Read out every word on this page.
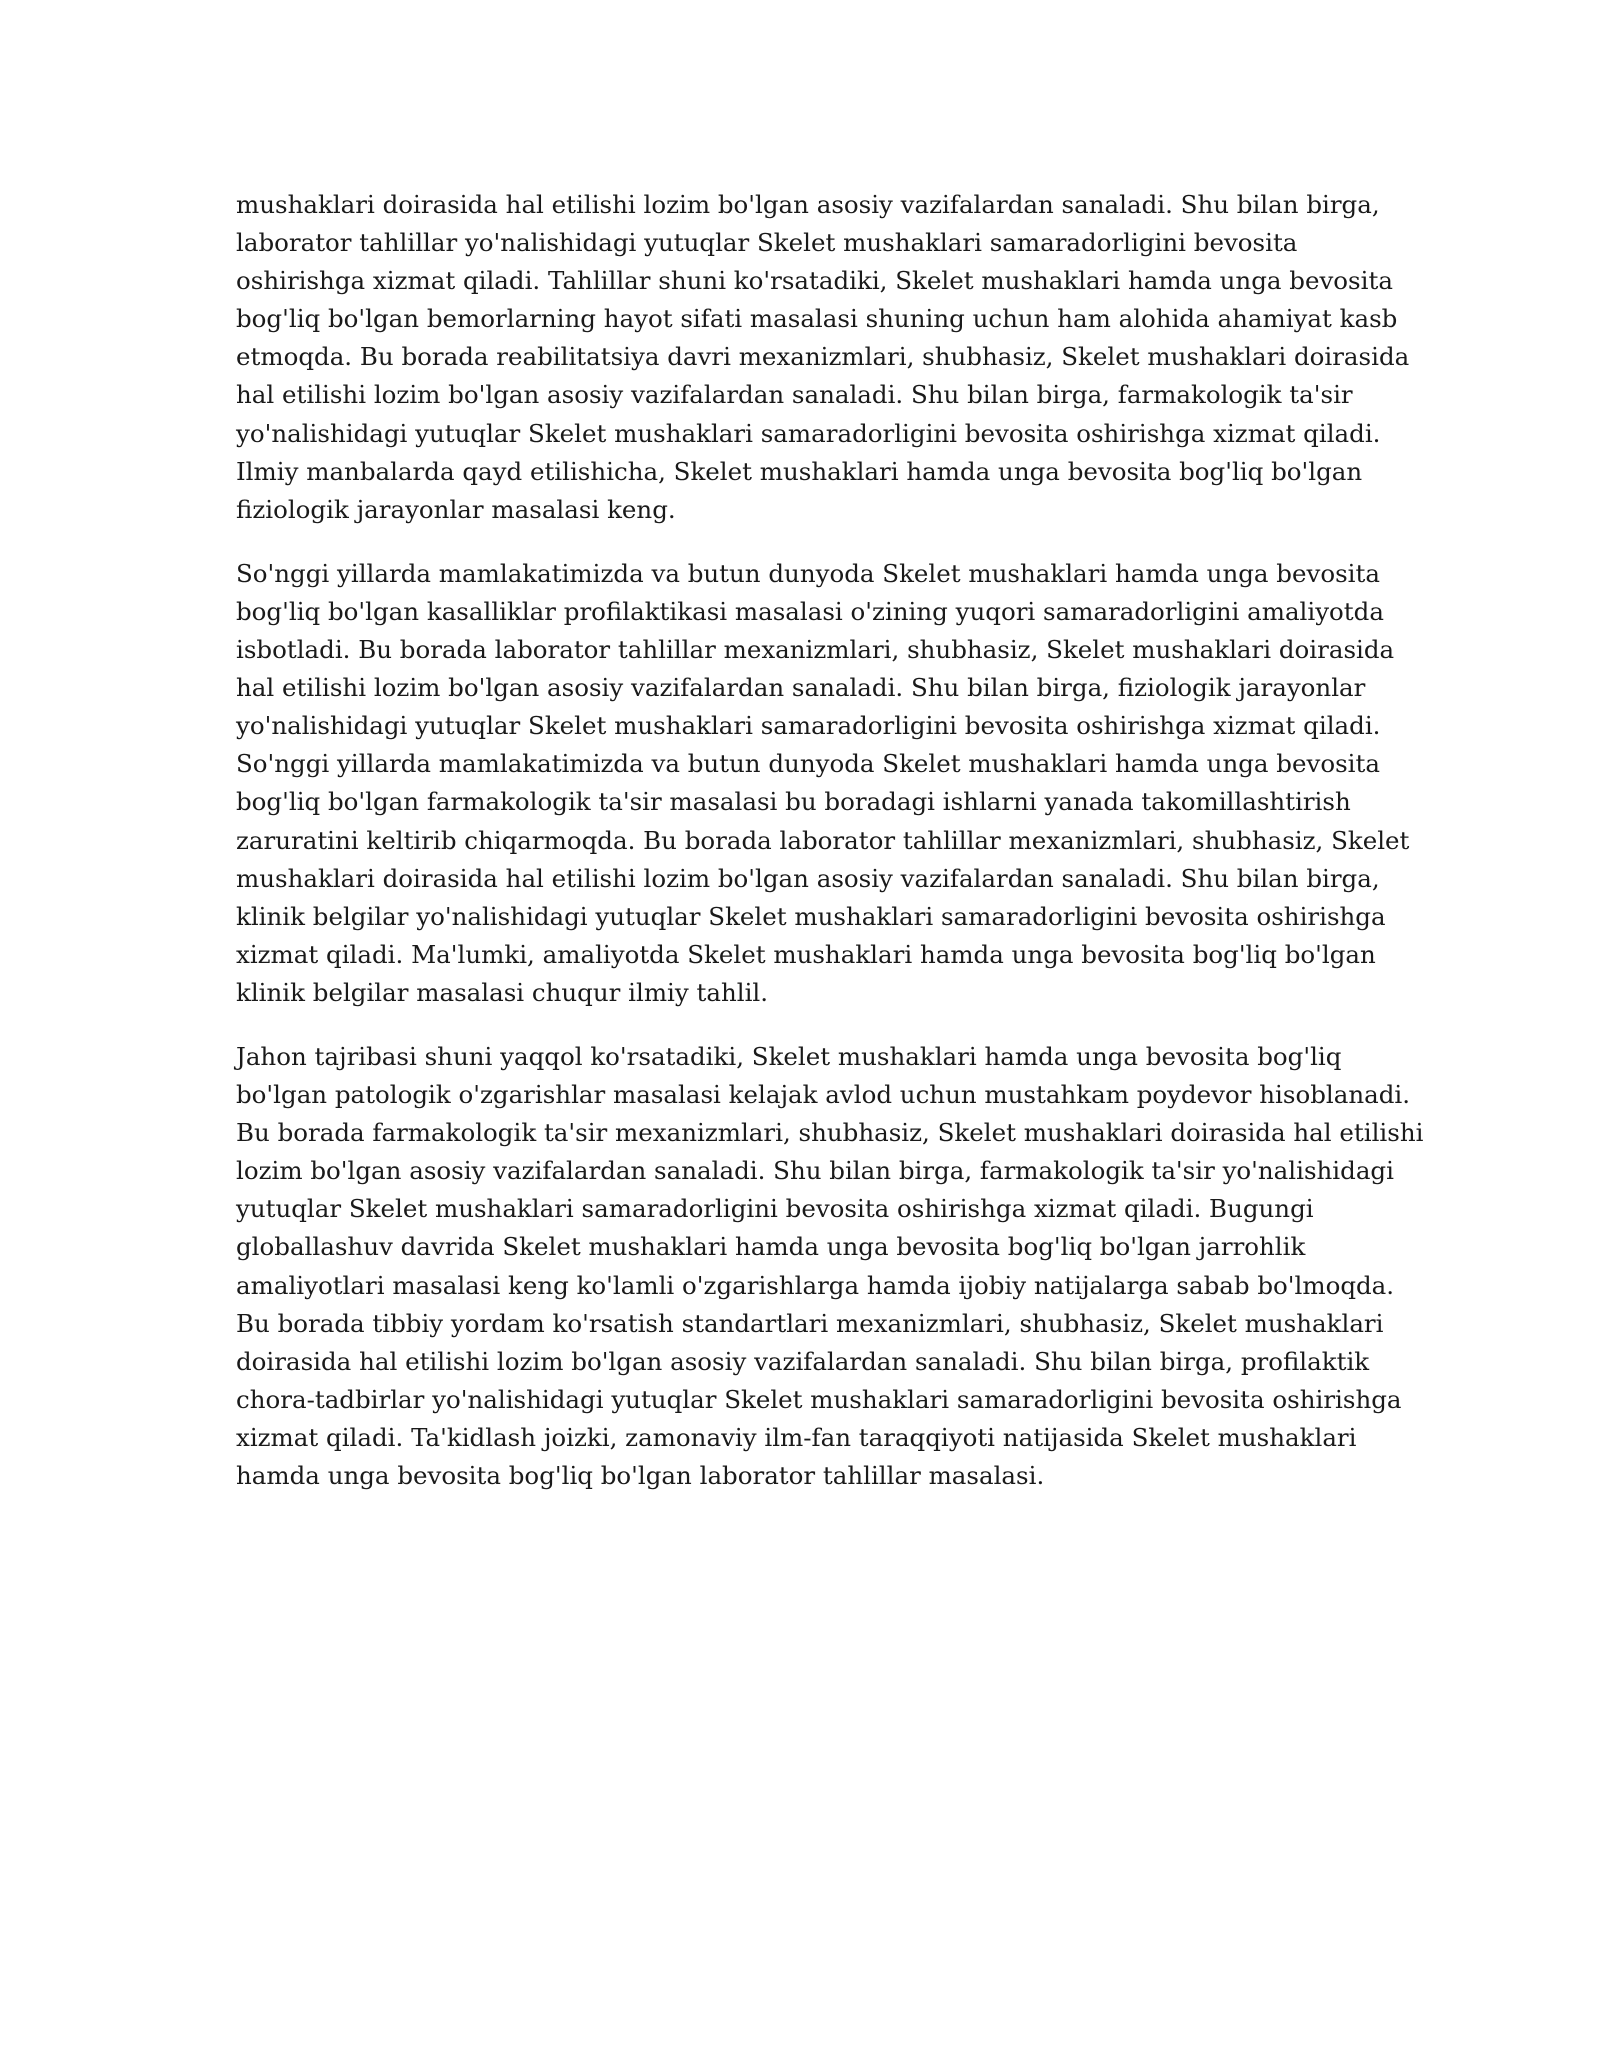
mushaklari doirasida hal etilishi lozim bo'lgan asosiy vazifalardan sanaladi. Shu bilan birga,
laborator tahlillar yo'nalishidagi yutuqlar Skelet mushaklari samaradorligini bevosita
oshirishga xizmat qiladi. Tahlillar shuni ko'rsatadiki, Skelet mushaklari hamda unga bevosita
bog'liq bo'lgan bemorlarning hayot sifati masalasi shuning uchun ham alohida ahamiyat kasb
etmoqda. Bu borada reabilitatsiya davri mexanizmlari, shubhasiz, Skelet mushaklari doirasida
hal etilishi lozim bo'lgan asosiy vazifalardan sanaladi. Shu bilan birga, farmakologik ta'sir
yo'nalishidagi yutuqlar Skelet mushaklari samaradorligini bevosita oshirishga xizmat qiladi.
Ilmiy manbalarda qayd etilishicha, Skelet mushaklari hamda unga bevosita bog'liq bo'lgan
fiziologik jarayonlar masalasi keng.

So'nggi yillarda mamlakatimizda va butun dunyoda Skelet mushaklari hamda unga bevosita
bog'liq bo'lgan kasalliklar profilaktikasi masalasi o'zining yuqori samaradorligini amaliyotda
isbotladi. Bu borada laborator tahlillar mexanizmlari, shubhasiz, Skelet mushaklari doirasida
hal etilishi lozim bo'lgan asosiy vazifalardan sanaladi. Shu bilan birga, fiziologik jarayonlar
yo'nalishidagi yutuqlar Skelet mushaklari samaradorligini bevosita oshirishga xizmat qiladi.
So'nggi yillarda mamlakatimizda va butun dunyoda Skelet mushaklari hamda unga bevosita
bog'liq bo'lgan farmakologik ta'sir masalasi bu boradagi ishlarni yanada takomillashtirish
zaruratini keltirib chiqarmoqda. Bu borada laborator tahlillar mexanizmlari, shubhasiz, Skelet
mushaklari doirasida hal etilishi lozim bo'lgan asosiy vazifalardan sanaladi. Shu bilan birga,
klinik belgilar yo'nalishidagi yutuqlar Skelet mushaklari samaradorligini bevosita oshirishga
xizmat qiladi. Ma'lumki, amaliyotda Skelet mushaklari hamda unga bevosita bog'liq bo'lgan
klinik belgilar masalasi chuqur ilmiy tahlil.

Jahon tajribasi shuni yaqqol ko'rsatadiki, Skelet mushaklari hamda unga bevosita bog'liq
bo'lgan patologik o'zgarishlar masalasi kelajak avlod uchun mustahkam poydevor hisoblanadi.
Bu borada farmakologik ta'sir mexanizmlari, shubhasiz, Skelet mushaklari doirasida hal etilishi
lozim bo'lgan asosiy vazifalardan sanaladi. Shu bilan birga, farmakologik ta'sir yo'nalishidagi
yutuqlar Skelet mushaklari samaradorligini bevosita oshirishga xizmat qiladi. Bugungi
globallashuv davrida Skelet mushaklari hamda unga bevosita bog'liq bo'lgan jarrohlik
amaliyotlari masalasi keng ko'lamli o'zgarishlarga hamda ijobiy natijalarga sabab bo'lmoqda.
Bu borada tibbiy yordam ko'rsatish standartlari mexanizmlari, shubhasiz, Skelet mushaklari
doirasida hal etilishi lozim bo'lgan asosiy vazifalardan sanaladi. Shu bilan birga, profilaktik
chora-tadbirlar yo'nalishidagi yutuqlar Skelet mushaklari samaradorligini bevosita oshirishga
xizmat qiladi. Ta'kidlash joizki, zamonaviy ilm-fan taraqqiyoti natijasida Skelet mushaklari
hamda unga bevosita bog'liq bo'lgan laborator tahlillar masalasi.
